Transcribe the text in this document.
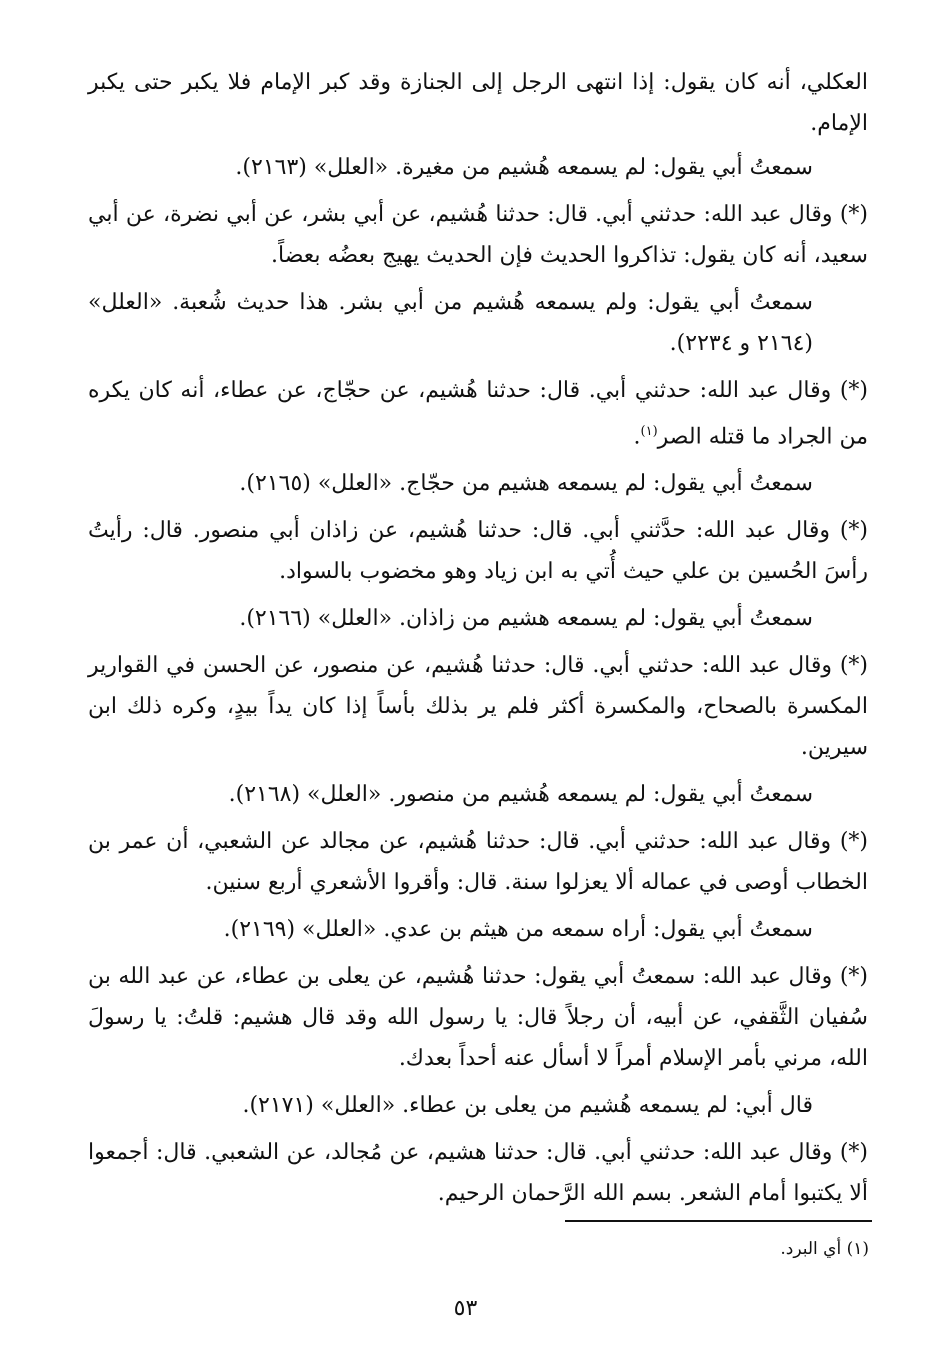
العكلي، أنه كان يقول: إذا انتهى الرجل إلى الجنازة وقد كبر الإمام فلا يكبر حتى يكبر الإمام.

سمعتُ أبي يقول: لم يسمعه هُشيم من مغيرة. «العلل» (٢١٦٣).

(*) وقال عبد الله: حدثني أبي. قال: حدثنا هُشيم، عن أبي بشر، عن أبي نضرة، عن أبي سعيد، أنه كان يقول: تذاكروا الحديث فإن الحديث يهيج بعضُه بعضاً.

سمعتُ أبي يقول: ولم يسمعه هُشيم من أبي بشر. هذا حديث شُعبة. «العلل» (٢١٦٤ و ٢٢٣٤).

(*) وقال عبد الله: حدثني أبي. قال: حدثنا هُشيم، عن حجّاج، عن عطاء، أنه كان يكره من الجراد ما قتله الصر$^{(١)}$.

سمعتُ أبي يقول: لم يسمعه هشيم من حجّاج. «العلل» (٢١٦٥).

(*) وقال عبد الله: حدَّثني أبي. قال: حدثنا هُشيم، عن زاذان أبي منصور. قال: رأيتُ رأسَ الحُسين بن علي حيث أُتي به ابن زياد وهو مخضوب بالسواد.

سمعتُ أبي يقول: لم يسمعه هشيم من زاذان. «العلل» (٢١٦٦).

(*) وقال عبد الله: حدثني أبي. قال: حدثنا هُشيم، عن منصور، عن الحسن في القوارير المكسرة بالصحاح، والمكسرة أكثر فلم ير بذلك بأساً إذا كان يداً بيدٍ، وكره ذلك ابن سيرين.

سمعتُ أبي يقول: لم يسمعه هُشيم من منصور. «العلل» (٢١٦٨).

(*) وقال عبد الله: حدثني أبي. قال: حدثنا هُشيم، عن مجالد عن الشعبي، أن عمر بن الخطاب أوصى في عماله ألا يعزلوا سنة. قال: وأقروا الأشعري أربع سنين.

سمعتُ أبي يقول: أراه سمعه من هيثم بن عدي. «العلل» (٢١٦٩).

(*) وقال عبد الله: سمعتُ أبي يقول: حدثنا هُشيم، عن يعلى بن عطاء، عن عبد الله بن سُفيان الثَّقفي، عن أبيه، أن رجلاً قال: يا رسول الله وقد قال هشيم: قلتُ: يا رسولَ الله، مرني بأمر الإسلام أمراً لا أسأل عنه أحداً بعدك.

قال أبي: لم يسمعه هُشيم من يعلى بن عطاء. «العلل» (٢١٧١).

(*) وقال عبد الله: حدثني أبي. قال: حدثنا هشيم، عن مُجالد، عن الشعبي. قال: أجمعوا ألا يكتبوا أمام الشعر. بسم الله الرَّحمان الرحيم.

(١) أي البرد.
٥٣
